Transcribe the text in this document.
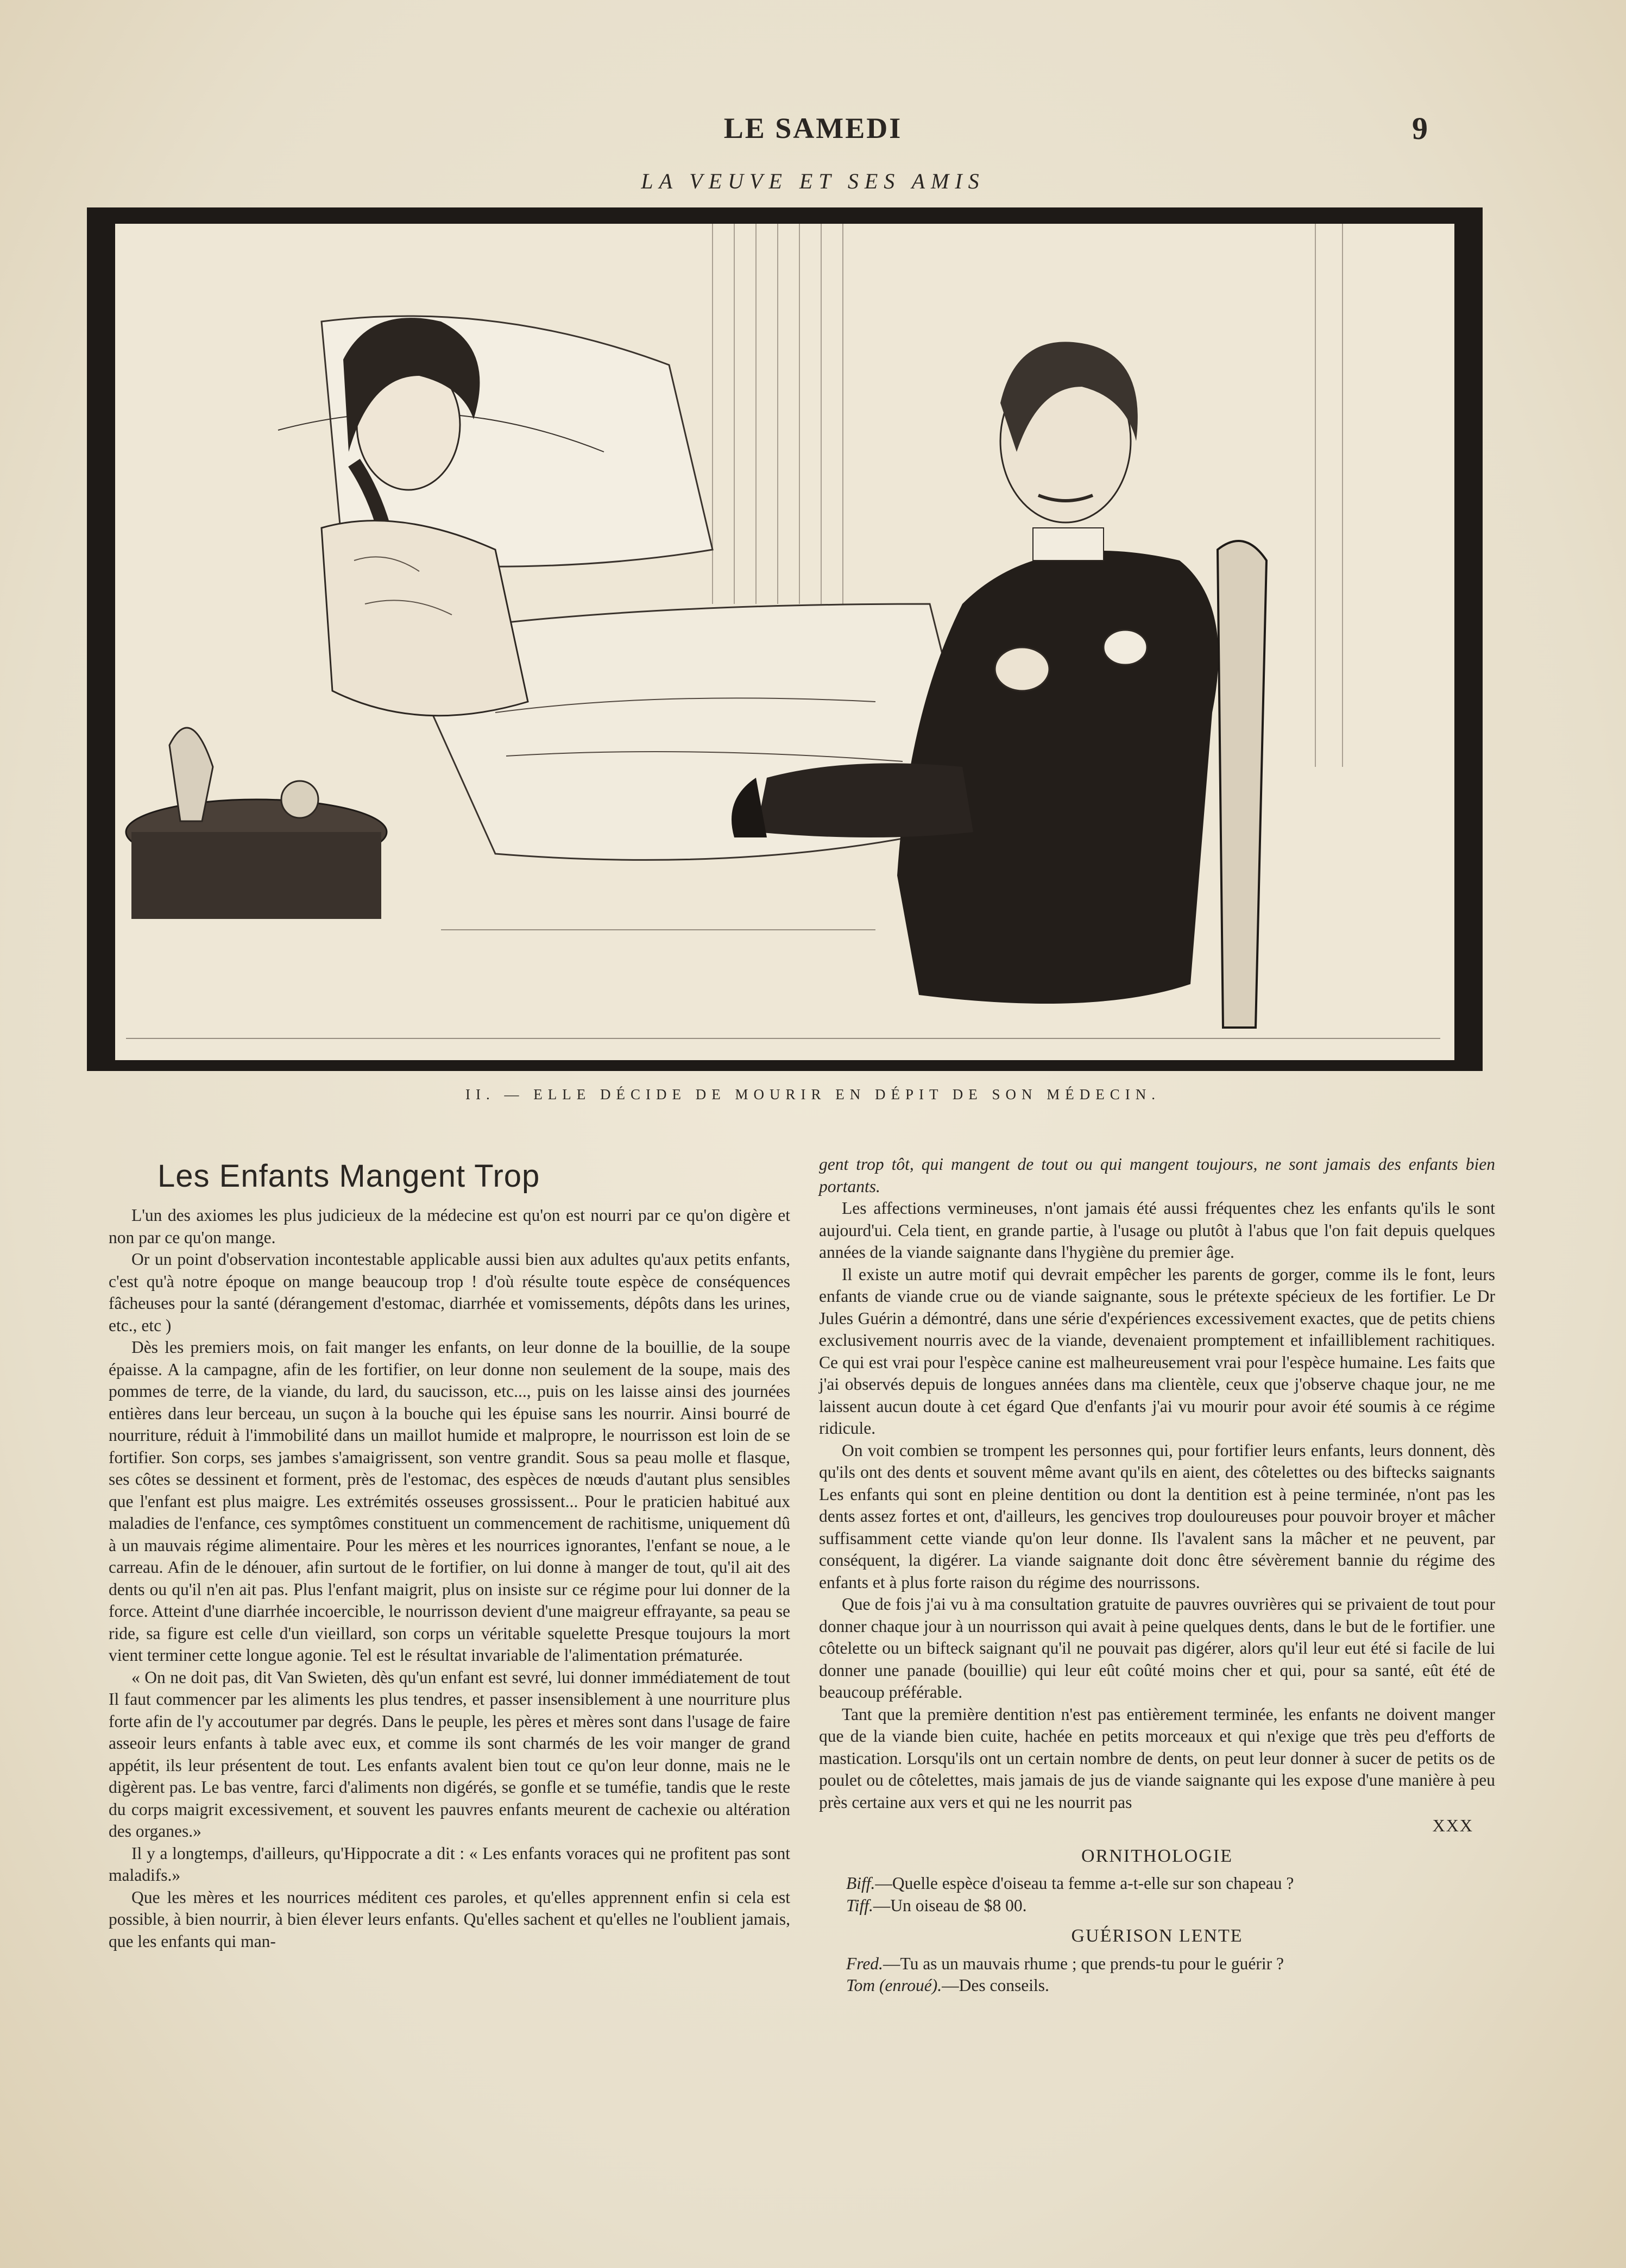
LE SAMEDI	9
LA VEUVE ET SES AMIS
II. — ELLE DÉCIDE DE MOURIR EN DÉPIT DE SON MÉDECIN.
Les Enfants Mangent Trop

L'un des axiomes les plus judicieux de la médecine est qu'on est nourri par ce qu'on digère et non par ce qu'on mange.

Or un point d'observation incontestable applicable aussi bien aux adultes qu'aux petits enfants, c'est qu'à notre époque on mange beaucoup trop ! d'où résulte toute espèce de conséquences fâcheuses pour la santé (dérangement d'estomac, diarrhée et vomissements, dépôts dans les urines, etc., etc )

Dès les premiers mois, on fait manger les enfants, on leur donne de la bouillie, de la soupe épaisse. A la campagne, afin de les fortifier, on leur donne non seulement de la soupe, mais des pommes de terre, de la viande, du lard, du saucisson, etc..., puis on les laisse ainsi des journées entières dans leur berceau, un suçon à la bouche qui les épuise sans les nourrir. Ainsi bourré de nourriture, réduit à l'immobilité dans un maillot humide et malpropre, le nourrisson est loin de se fortifier. Son corps, ses jambes s'amaigrissent, son ventre grandit. Sous sa peau molle et flasque, ses côtes se dessinent et forment, près de l'estomac, des espèces de nœuds d'autant plus sensibles que l'enfant est plus maigre. Les extrémités osseuses grossissent... Pour le praticien habitué aux maladies de l'enfance, ces symptômes constituent un commencement de rachitisme, uniquement dû à un mauvais régime alimentaire. Pour les mères et les nourrices ignorantes, l'enfant se noue, a le carreau. Afin de le dénouer, afin surtout de le fortifier, on lui donne à manger de tout, qu'il ait des dents ou qu'il n'en ait pas. Plus l'enfant maigrit, plus on insiste sur ce régime pour lui donner de la force. Atteint d'une diarrhée incoercible, le nourrisson devient d'une maigreur effrayante, sa peau se ride, sa figure est celle d'un vieillard, son corps un véritable squelette Presque toujours la mort vient terminer cette longue agonie. Tel est le résultat invariable de l'alimentation prématurée.

« On ne doit pas, dit Van Swieten, dès qu'un enfant est sevré, lui donner immédiatement de tout Il faut commencer par les aliments les plus tendres, et passer insensiblement à une nourriture plus forte afin de l'y accoutumer par degrés. Dans le peuple, les pères et mères sont dans l'usage de faire asseoir leurs enfants à table avec eux, et comme ils sont charmés de les voir manger de grand appétit, ils leur présentent de tout. Les enfants avalent bien tout ce qu'on leur donne, mais ne le digèrent pas. Le bas ventre, farci d'aliments non digérés, se gonfle et se tuméfie, tandis que le reste du corps maigrit excessivement, et souvent les pauvres enfants meurent de cachexie ou altération des organes.»

Il y a longtemps, d'ailleurs, qu'Hippocrate a dit : « Les enfants voraces qui ne profitent pas sont maladifs.»

Que les mères et les nourrices méditent ces paroles, et qu'elles apprennent enfin si cela est possible, à bien nourrir, à bien élever leurs enfants. Qu'elles sachent et qu'elles ne l'oublient jamais, que les enfants qui man-

gent trop tôt, qui mangent de tout ou qui mangent toujours, ne sont jamais des enfants bien portants.

Les affections vermineuses, n'ont jamais été aussi fréquentes chez les enfants qu'ils le sont aujourd'ui. Cela tient, en grande partie, à l'usage ou plutôt à l'abus que l'on fait depuis quelques années de la viande saignante dans l'hygiène du premier âge.

Il existe un autre motif qui devrait empêcher les parents de gorger, comme ils le font, leurs enfants de viande crue ou de viande saignante, sous le prétexte spécieux de les fortifier. Le Dr Jules Guérin a démontré, dans une série d'expériences excessivement exactes, que de petits chiens exclusivement nourris avec de la viande, devenaient promptement et infailliblement rachitiques. Ce qui est vrai pour l'espèce canine est malheureusement vrai pour l'espèce humaine. Les faits que j'ai observés depuis de longues années dans ma clientèle, ceux que j'observe chaque jour, ne me laissent aucun doute à cet égard Que d'enfants j'ai vu mourir pour avoir été soumis à ce régime ridicule.

On voit combien se trompent les personnes qui, pour fortifier leurs enfants, leurs donnent, dès qu'ils ont des dents et souvent même avant qu'ils en aient, des côtelettes ou des biftecks saignants Les enfants qui sont en pleine dentition ou dont la dentition est à peine terminée, n'ont pas les dents assez fortes et ont, d'ailleurs, les gencives trop douloureuses pour pouvoir broyer et mâcher suffisamment cette viande qu'on leur donne. Ils l'avalent sans la mâcher et ne peuvent, par conséquent, la digérer. La viande saignante doit donc être sévèrement bannie du régime des enfants et à plus forte raison du régime des nourrissons.

Que de fois j'ai vu à ma consultation gratuite de pauvres ouvrières qui se privaient de tout pour donner chaque jour à un nourrisson qui avait à peine quelques dents, dans le but de le fortifier. une côtelette ou un bifteck saignant qu'il ne pouvait pas digérer, alors qu'il leur eut été si facile de lui donner une panade (bouillie) qui leur eût coûté moins cher et qui, pour sa santé, eût été de beaucoup préférable.

Tant que la première dentition n'est pas entièrement terminée, les enfants ne doivent manger que de la viande bien cuite, hachée en petits morceaux et qui n'exige que très peu d'efforts de mastication. Lorsqu'ils ont un certain nombre de dents, on peut leur donner à sucer de petits os de poulet ou de côtelettes, mais jamais de jus de viande saignante qui les expose d'une manière à peu près certaine aux vers et qui ne les nourrit pas

XXX

ORNITHOLOGIE

Biff.—Quelle espèce d'oiseau ta femme a-t-elle sur son chapeau ?

Tiff.—Un oiseau de $8 00.

GUÉRISON LENTE

Fred.—Tu as un mauvais rhume ; que prends-tu pour le guérir ?

Tom (enroué).—Des conseils.
